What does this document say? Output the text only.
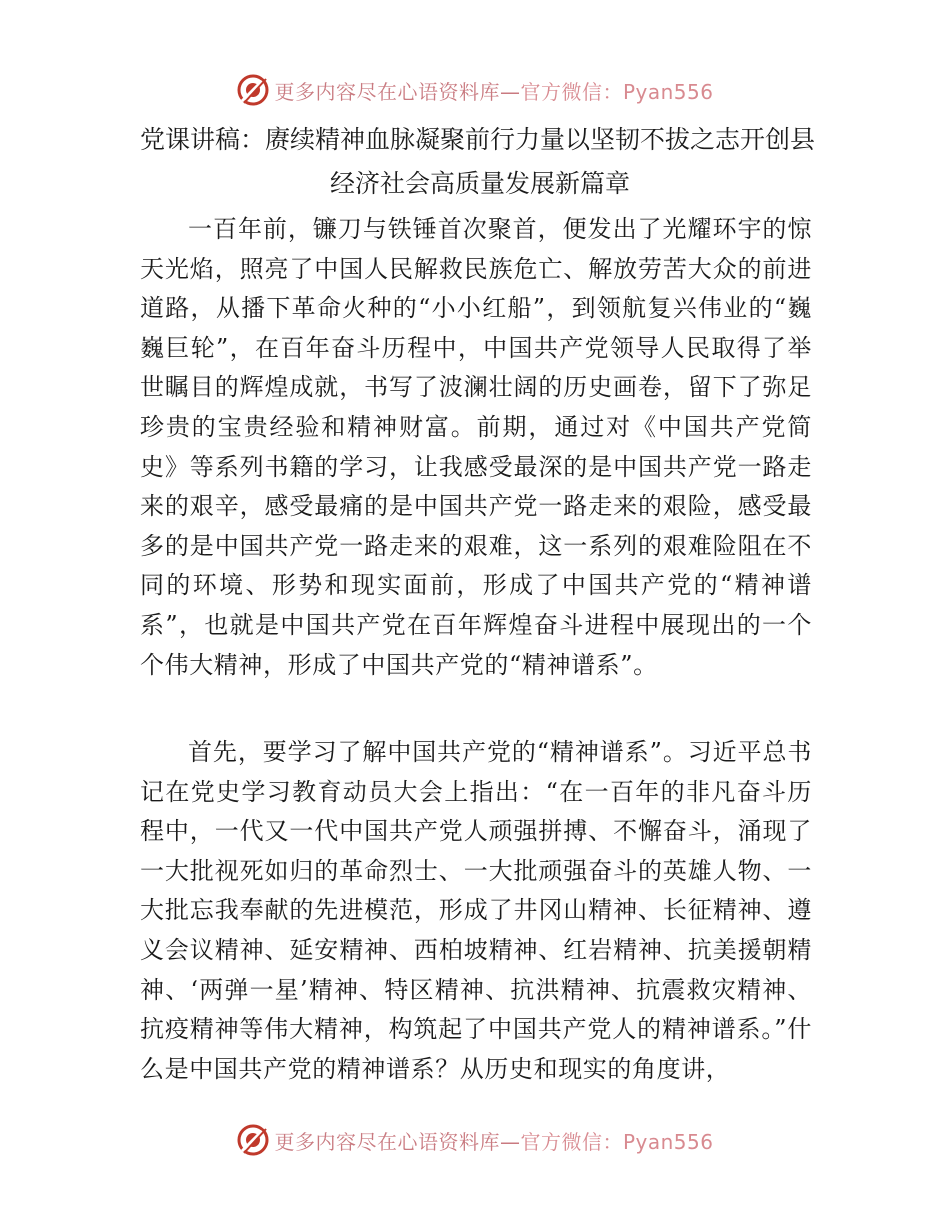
更多内容尽在心语资料库—官方微信：Pyan556
党课讲稿：赓续精神血脉凝聚前行力量以坚韧不拔之志开创县
经济社会高质量发展新篇章

一百年前，镰刀与铁锤首次聚首，便发出了光耀环宇的惊天光焰，照亮了中国人民解救民族危亡、解放劳苦大众的前进道路，从播下革命火种的“小小红船”，到领航复兴伟业的“巍巍巨轮”，在百年奋斗历程中，中国共产党领导人民取得了举世瞩目的辉煌成就，书写了波澜壮阔的历史画卷，留下了弥足珍贵的宝贵经验和精神财富。前期，通过对《中国共产党简史》等系列书籍的学习，让我感受最深的是中国共产党一路走来的艰辛，感受最痛的是中国共产党一路走来的艰险，感受最多的是中国共产党一路走来的艰难，这一系列的艰难险阻在不同的环境、形势和现实面前，形成了中国共产党的“精神谱系”，也就是中国共产党在百年辉煌奋斗进程中展现出的一个个伟大精神，形成了中国共产党的“精神谱系”。

首先，要学习了解中国共产党的“精神谱系”。习近平总书记在党史学习教育动员大会上指出：“在一百年的非凡奋斗历程中，一代又一代中国共产党人顽强拼搏、不懈奋斗，涌现了一大批视死如归的革命烈士、一大批顽强奋斗的英雄人物、一大批忘我奉献的先进模范，形成了井冈山精神、长征精神、遵义会议精神、延安精神、西柏坡精神、红岩精神、抗美援朝精神、‘两弹一星’精神、特区精神、抗洪精神、抗震救灾精神、抗疫精神等伟大精神，构筑起了中国共产党人的精神谱系。”什么是中国共产党的精神谱系？从历史和现实的角度讲，

更多内容尽在心语资料库—官方微信：Pyan556
